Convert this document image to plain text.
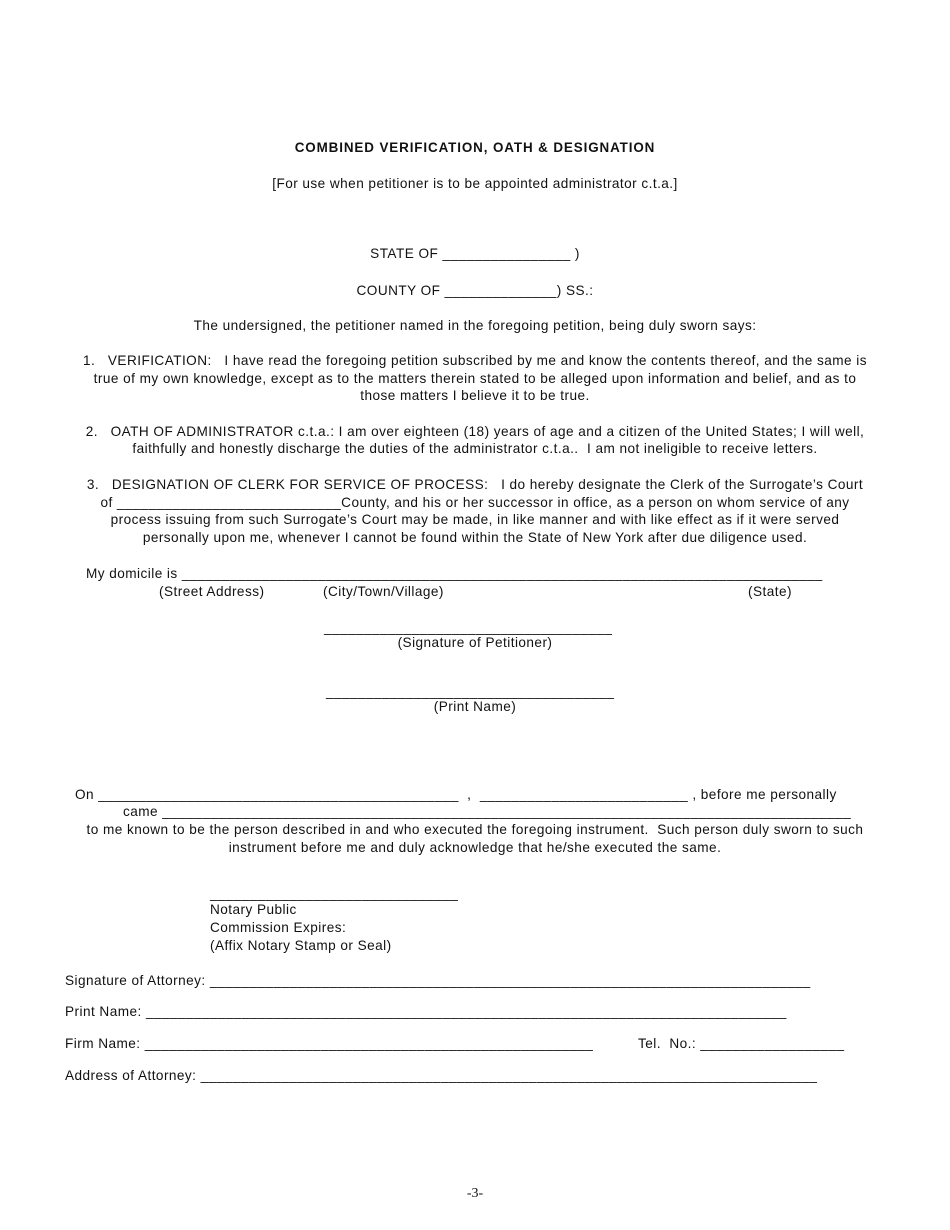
COMBINED VERIFICATION, OATH & DESIGNATION
[For use when petitioner is to be appointed administrator c.t.a.]
STATE OF ________________ )
COUNTY OF ______________) SS.:
The undersigned, the petitioner named in the foregoing petition, being duly sworn says:
1.   VERIFICATION:   I have read the foregoing petition subscribed by me and know the contents thereof, and the same is
true of my own knowledge, except as to the matters therein stated to be alleged upon information and belief, and as to
those matters I believe it to be true.
2.   OATH OF ADMINISTRATOR c.t.a.: I am over eighteen (18) years of age and a citizen of the United States; I will well,
faithfully and honestly discharge the duties of the administrator c.t.a..  I am not ineligible to receive letters.
3.   DESIGNATION OF CLERK FOR SERVICE OF PROCESS:   I do hereby designate the Clerk of the Surrogate’s Court
of ____________________________County, and his or her successor in office, as a person on whom service of any
process issuing from such Surrogate’s Court may be made, in like manner and with like effect as if it were served
personally upon me, whenever I cannot be found within the State of New York after due diligence used.
My domicile is ________________________________________________________________________________
(Street Address)	(City/Town/Village)	(State)
____________________________________
(Signature of Petitioner)
____________________________________
(Print Name)
On _____________________________________________  ,  __________________________ , before me personally
came ______________________________________________________________________________________
to me known to be the person described in and who executed the foregoing instrument.  Such person duly sworn to such
instrument before me and duly acknowledge that he/she executed the same.
_______________________________
Notary Public
Commission Expires:
(Affix Notary Stamp or Seal)
Signature of Attorney: ___________________________________________________________________________
Print Name: ________________________________________________________________________________
Firm Name: ________________________________________________________	Tel.  No.: __________________
Address of Attorney: _____________________________________________________________________________
-3-
